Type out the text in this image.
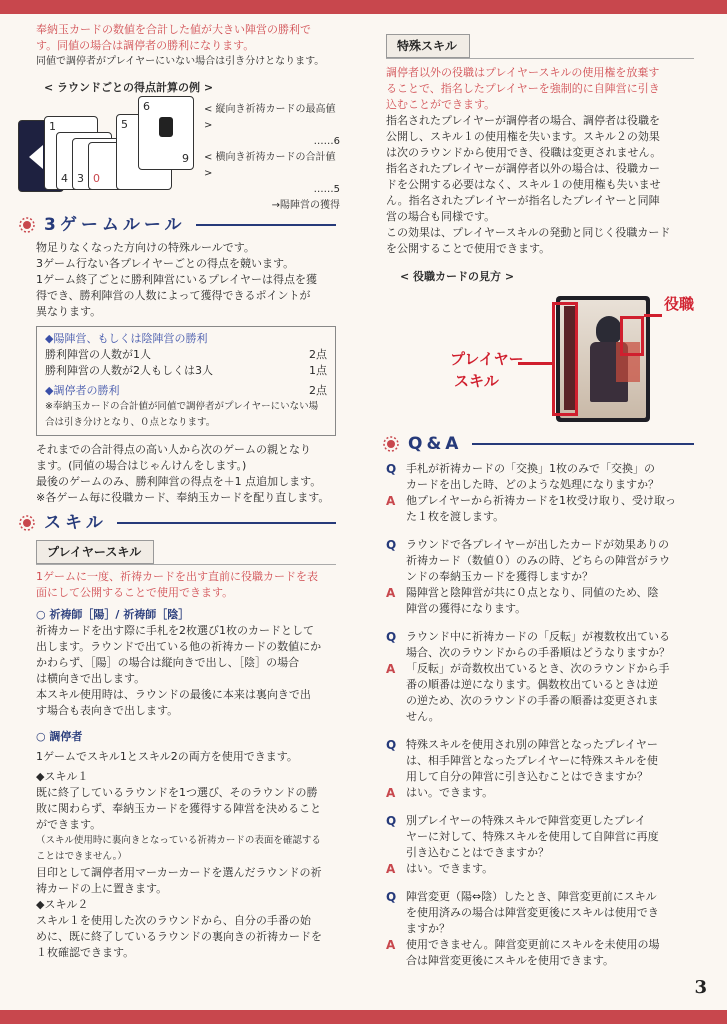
奉納玉カードの数値を合計した値が大きい陣営の勝利で

す。同値の場合は調停者の勝利になります。

同値で調停者がプレイヤーにいない場合は引き分けとなります。

< ラウンドごとの得点計算の例 >

1
4 3 0
5
6
9

< 縦向き祈祷カードの最高値 >

……6

< 横向き祈祷カードの合計値 >

……5

→陽陣営の獲得

3ゲームルール

物足りなくなった方向けの特殊ルールです。

3ゲーム行ない各プレイヤーごとの得点を競います。

1ゲーム終了ごとに勝利陣営にいるプレイヤーは得点を獲

得でき、勝利陣営の人数によって獲得できるポイントが

異なります。

◆陽陣営、もしくは陰陣営の勝利

勝利陣営の人数が1人	2点
勝利陣営の人数が2人もしくは3人	1点
◆調停者の勝利	2点

※奉納玉カードの合計値が同値で調停者がプレイヤーにいない場

合は引き分けとなり、０点となります。

それまでの合計得点の高い人から次のゲームの親となり

ます。(同値の場合はじゃんけんをします。)

最後のゲームのみ、勝利陣営の得点を＋1 点追加します。

※各ゲーム毎に役職カード、奉納玉カードを配り直します。

スキル
プレイヤースキル

1ゲームに一度、祈祷カードを出す直前に役職カードを表

面にして公開することで使用できます。

○ 祈祷師［陽］/ 祈祷師［陰］

祈祷カードを出す際に手札を2枚選び1枚のカードとして

出します。ラウンドで出ている他の祈祷カードの数値にか

かわらず、［陽］の場合は縦向きで出し、［陰］の場合

は横向きで出します。

本スキル使用時は、ラウンドの最後に本来は裏向きで出

す場合も表向きで出します。

○ 調停者

1ゲームでスキル1とスキル2の両方を使用できます。

◆スキル１

既に終了しているラウンドを1つ選び、そのラウンドの勝

敗に関わらず、奉納玉カードを獲得する陣営を決めること

ができます。

（スキル使用時に裏向きとなっている祈祷カードの表面を確認する

ことはできません。）

目印として調停者用マーカーカードを選んだラウンドの祈

祷カードの上に置きます。

◆スキル２

スキル１を使用した次のラウンドから、自分の手番の始

めに、既に終了しているラウンドの裏向きの祈祷カードを

１枚確認できます。

特殊スキル

調停者以外の役職はプレイヤースキルの使用権を放棄す

ることで、指名したプレイヤーを強制的に自陣営に引き

込むことができます。

指名されたプレイヤーが調停者の場合、調停者は役職を

公開し、スキル１の使用権を失います。スキル２の効果

は次のラウンドから使用でき、役職は変更されません。

指名されたプレイヤーが調停者以外の場合は、役職カー

ドを公開する必要はなく、スキル１の使用権も失いませ

ん。指名されたプレイヤーが指名したプレイヤーと同陣

営の場合も同様です。

この効果は、プレイヤースキルの発動と同じく役職カード

を公開することで使用できます。

< 役職カードの見方 >

Q&A
Q 手札が祈祷カードの「交換」1枚のみで「交換」の

カードを出した時、どのような処理になりますか？

A 他プレイヤーから祈祷カードを1枚受け取り、受け取っ

た１枚を渡します。

Q ラウンドで各プレイヤーが出したカードが効果ありの

祈祷カード（数値０）のみの時、どちらの陣営がラウ

ンドの奉納玉カードを獲得しますか？

A 陽陣営と陰陣営が共に０点となり、同値のため、陰

陣営の獲得になります。

Q ラウンド中に祈祷カードの「反転」が複数枚出ている

場合、次のラウンドからの手番順はどうなりますか？

A 「反転」が奇数枚出ているとき、次のラウンドから手

番の順番は逆になります。偶数枚出ているときは逆

の逆ため、次のラウンドの手番の順番は変更されま

せん。

Q 特殊スキルを使用され別の陣営となったプレイヤー

は、相手陣営となったプレイヤーに特殊スキルを使

用して自分の陣営に引き込むことはできますか？

A はい。できます。

Q 別プレイヤーの特殊スキルで陣営変更したプレイ

ヤーに対して、特殊スキルを使用して自陣営に再度

引き込むことはできますか？

A はい。できます。

Q 陣営変更（陽⇔陰）したとき、陣営変更前にスキル

を使用済みの場合は陣営変更後にスキルは使用でき

ますか？

A 使用できません。陣営変更前にスキルを未使用の場

合は陣営変更後にスキルを使用できます。

役職
プレイヤー
スキル
3
